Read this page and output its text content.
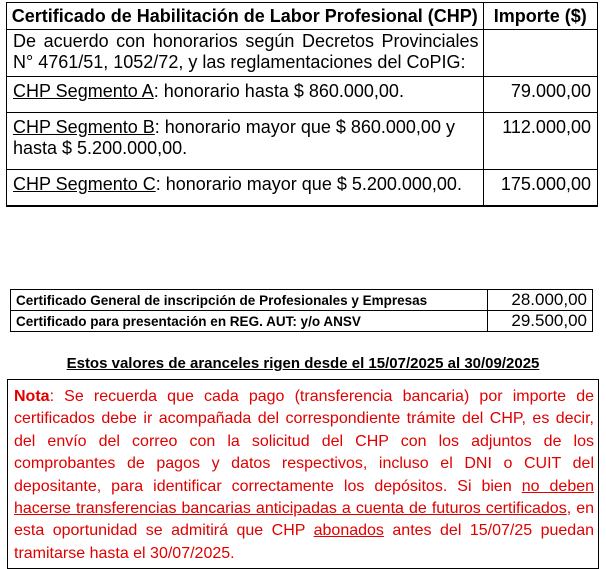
Certificado de Habilitación de Labor Profesional (CHP)	Importe ($)
De acuerdo con honorarios según Decretos Provinciales N° 4761/51, 1052/72, y las reglamentaciones del CoPIG:	
CHP Segmento A: honorario hasta $ 860.000,00.	79.000,00
CHP Segmento B: honorario mayor que $ 860.000,00 y hasta $ 5.200.000,00.	112.000,00
CHP Segmento C: honorario mayor que $ 5.200.000,00.	175.000,00
Certificado General de inscripción de Profesionales y Empresas	28.000,00
Certificado para presentación en REG. AUT: y/o ANSV	29.500,00
Estos valores de aranceles rigen desde el 15/07/2025 al 30/09/2025
Nota: Se recuerda que cada pago (transferencia bancaria) por importe de certificados debe ir acompañada del correspondiente trámite del CHP, es decir, del envío del correo con la solicitud del CHP con los adjuntos de los comprobantes de pagos y datos respectivos, incluso el DNI o CUIT del depositante, para identificar correctamente los depósitos. Si bien no deben hacerse transferencias bancarias anticipadas a cuenta de futuros certificados, en esta oportunidad se admitirá que CHP abonados antes del 15/07/25 puedan tramitarse hasta el 30/07/2025.
